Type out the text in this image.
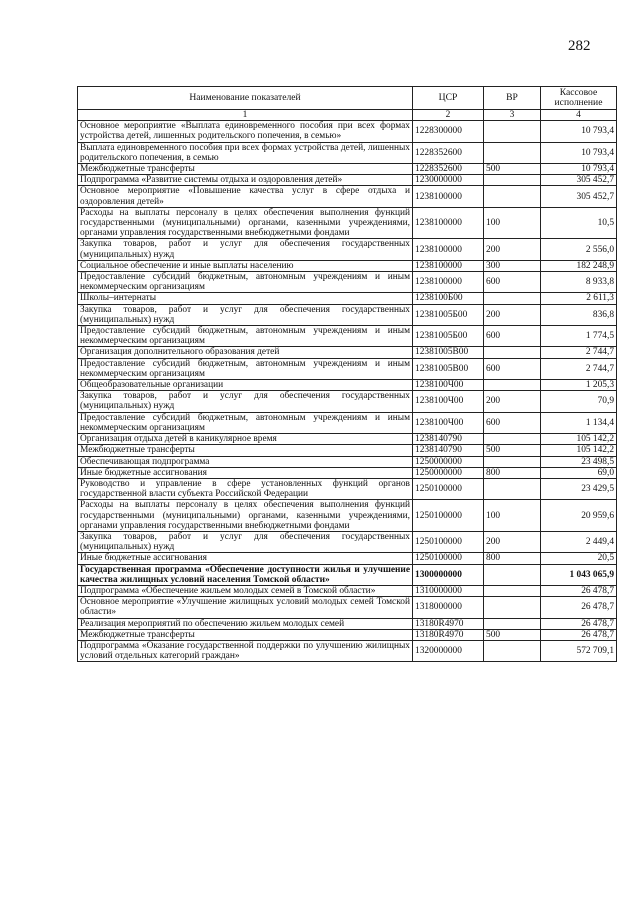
282
Наименование показателей	ЦСР	ВР	Кассовое исполнение
1	2	3	4
Основное мероприятие «Выплата единовременного пособия при всех формах устройства детей, лишенных родительского попечения, в семью»	1228300000		10 793,4
Выплата единовременного пособия при всех формах устройства детей, лишенных родительского попечения, в семью	1228352600		10 793,4
Межбюджетные трансферты	1228352600	500	10 793,4
Подпрограмма «Развитие системы отдыха и оздоровления детей»	1230000000		305 452,7
Основное мероприятие «Повышение качества услуг в сфере отдыха и оздоровления детей»	1238100000		305 452,7
Расходы на выплаты персоналу в целях обеспечения выполнения функций государственными (муниципальными) органами, казенными учреждениями, органами управления государственными внебюджетными фондами	1238100000	100	10,5
Закупка товаров, работ и услуг для обеспечения государственных (муниципальных) нужд	1238100000	200	2 556,0
Социальное обеспечение и иные выплаты населению	1238100000	300	182 248,9
Предоставление субсидий бюджетным, автономным учреждениям и иным некоммерческим организациям	1238100000	600	8 933,8
Школы–интернаты	1238100Б00		2 611,3
Закупка товаров, работ и услуг для обеспечения государственных (муниципальных) нужд	12381005Б00	200	836,8
Предоставление субсидий бюджетным, автономным учреждениям и иным некоммерческим организациям	12381005Б00	600	1 774,5
Организация дополнительного образования детей	12381005В00		2 744,7
Предоставление субсидий бюджетным, автономным учреждениям и иным некоммерческим организациям	12381005В00	600	2 744,7
Общеобразовательные организации	1238100Ч00		1 205,3
Закупка товаров, работ и услуг для обеспечения государственных (муниципальных) нужд	1238100Ч00	200	70,9
Предоставление субсидий бюджетным, автономным учреждениям и иным некоммерческим организациям	1238100Ч00	600	1 134,4
Организация отдыха детей в каникулярное время	1238140790		105 142,2
Межбюджетные трансферты	1238140790	500	105 142,2
Обеспечивающая подпрограмма	1250000000		23 498,5
Иные бюджетные ассигнования	1250000000	800	69,0
Руководство и управление в сфере установленных функций органов государственной власти субъекта Российской Федерации	1250100000		23 429,5
Расходы на выплаты персоналу в целях обеспечения выполнения функций государственными (муниципальными) органами, казенными учреждениями, органами управления государственными внебюджетными фондами	1250100000	100	20 959,6
Закупка товаров, работ и услуг для обеспечения государственных (муниципальных) нужд	1250100000	200	2 449,4
Иные бюджетные ассигнования	1250100000	800	20,5
Государственная программа «Обеспечение доступности жилья и улучшение качества жилищных условий населения Томской области»	1300000000		1 043 065,9
Подпрограмма «Обеспечение жильем молодых семей в Томской области»	1310000000		26 478,7
Основное мероприятие «Улучшение жилищных условий молодых семей Томской области»	1318000000		26 478,7
Реализация мероприятий по обеспечению жильем молодых семей	13180R4970		26 478,7
Межбюджетные трансферты	13180R4970	500	26 478,7
Подпрограмма «Оказание государственной поддержки по улучшению жилищных условий отдельных категорий граждан»	1320000000		572 709,1
